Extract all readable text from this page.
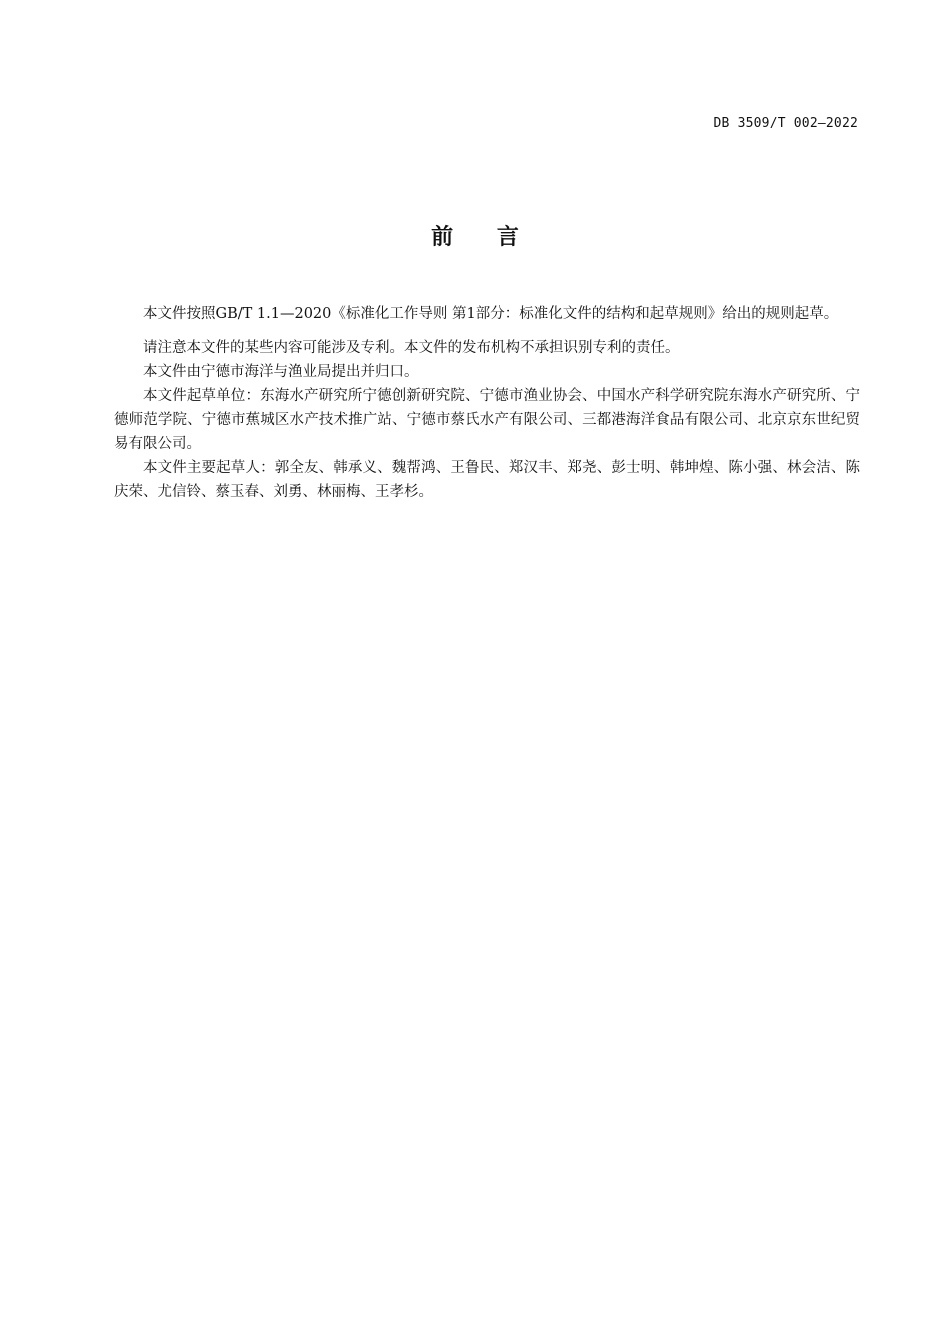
DB 3509/T 002—2022
前 言

本文件按照GB/T 1.1—2020《标准化工作导则 第1部分：标准化文件的结构和起草规则》给出的规则起草。

请注意本文件的某些内容可能涉及专利。本文件的发布机构不承担识别专利的责任。

本文件由宁德市海洋与渔业局提出并归口。

本文件起草单位：东海水产研究所宁德创新研究院、宁德市渔业协会、中国水产科学研究院东海水产研究所、宁德师范学院、宁德市蕉城区水产技术推广站、宁德市蔡氏水产有限公司、三都港海洋食品有限公司、北京京东世纪贸易有限公司。

本文件主要起草人：郭全友、韩承义、魏帮鸿、王鲁民、郑汉丰、郑尧、彭士明、韩坤煌、陈小强、林会洁、陈庆荣、尤信铃、蔡玉春、刘勇、林丽梅、王孝杉。
